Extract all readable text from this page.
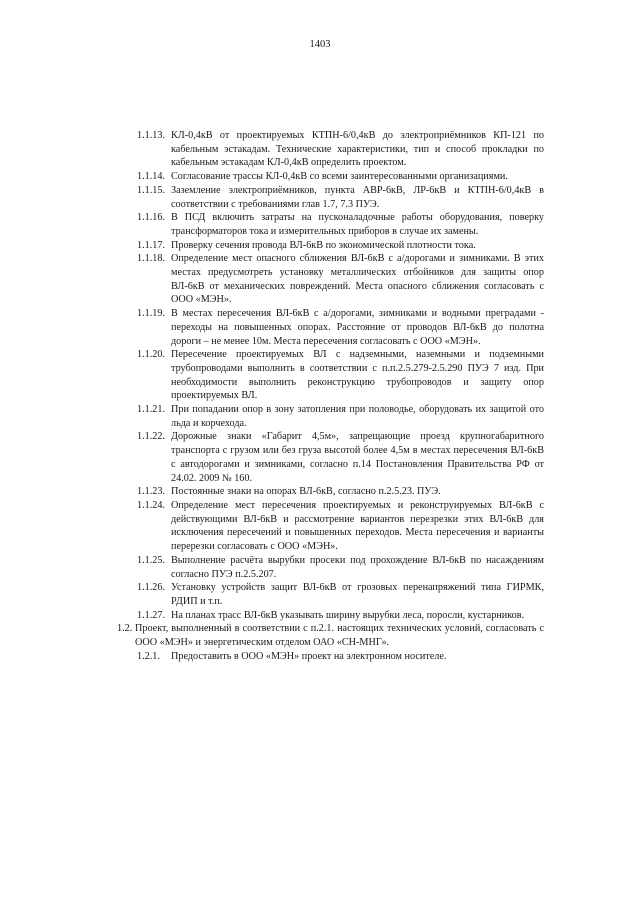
1403
1.1.13. КЛ-0,4кВ от проектируемых КТПН-6/0,4кВ до электроприёмников КП-121 по кабельным эстакадам. Технические характеристики, тип и способ прокладки по кабельным эстакадам КЛ-0,4кВ определить проектом.
1.1.14. Согласование трассы КЛ-0,4кВ со всеми заинтересованными организациями.
1.1.15. Заземление электроприёмников, пункта АВР-6кВ, ЛР-6кВ и КТПН-6/0,4кВ в соответствии с требованиями глав 1.7, 7.3 ПУЭ.
1.1.16. В ПСД включить затраты на пусконаладочные работы оборудования, поверку трансформаторов тока и измерительных приборов в случае их замены.
1.1.17. Проверку сечения провода ВЛ-6кВ по экономической плотности тока.
1.1.18. Определение мест опасного сближения ВЛ-6кВ с а/дорогами и зимниками. В этих местах предусмотреть установку металлических отбойников для защиты опор ВЛ-6кВ от механических повреждений. Места опасного сближения согласовать с ООО «МЭН».
1.1.19. В местах пересечения ВЛ-6кВ с а/дорогами, зимниками и водными преградами - переходы на повышенных опорах. Расстояние от проводов ВЛ-6кВ до полотна дороги – не менее 10м. Места пересечения согласовать с ООО «МЭН».
1.1.20. Пересечение проектируемых ВЛ с надземными, наземными и подземными трубопроводами выполнить в соответствии с п.п.2.5.279-2.5.290 ПУЭ 7 изд. При необходимости выполнить реконструкцию трубопроводов и защиту опор проектируемых ВЛ.
1.1.21. При попадании опор в зону затопления при половодье, оборудовать их защитой ото льда и корчехода.
1.1.22. Дорожные знаки «Габарит 4,5м», запрещающие проезд крупногабаритного транспорта с грузом или без груза высотой более 4,5м в местах пересечения ВЛ-6кВ с автодорогами и зимниками, согласно п.14 Постановления Правительства РФ от 24.02. 2009 № 160.
1.1.23. Постоянные знаки на опорах ВЛ-6кВ, согласно п.2.5.23. ПУЭ.
1.1.24. Определение мест пересечения проектируемых и реконструируемых ВЛ-6кВ с действующими ВЛ-6кВ и рассмотрение вариантов перезрезки этих ВЛ-6кВ для исключения пересечений и повышенных переходов. Места пересечения и варианты перерезки согласовать с ООО «МЭН».
1.1.25. Выполнение расчёта вырубки просеки под прохождение ВЛ-6кВ по насаждениям согласно ПУЭ п.2.5.207.
1.1.26. Установку устройств защит ВЛ-6кВ от грозовых перенапряжений типа ГИРМК, РДИП и т.п.
1.1.27. На планах трасс ВЛ-6кВ указывать ширину вырубки леса, поросли, кустарников.
1.2. Проект, выполненный в соответствии с п.2.1. настоящих технических условий, согласовать с ООО «МЭН» и энергетическим отделом ОАО «СН-МНГ».
1.2.1. Предоставить в ООО «МЭН» проект на электронном носителе.
